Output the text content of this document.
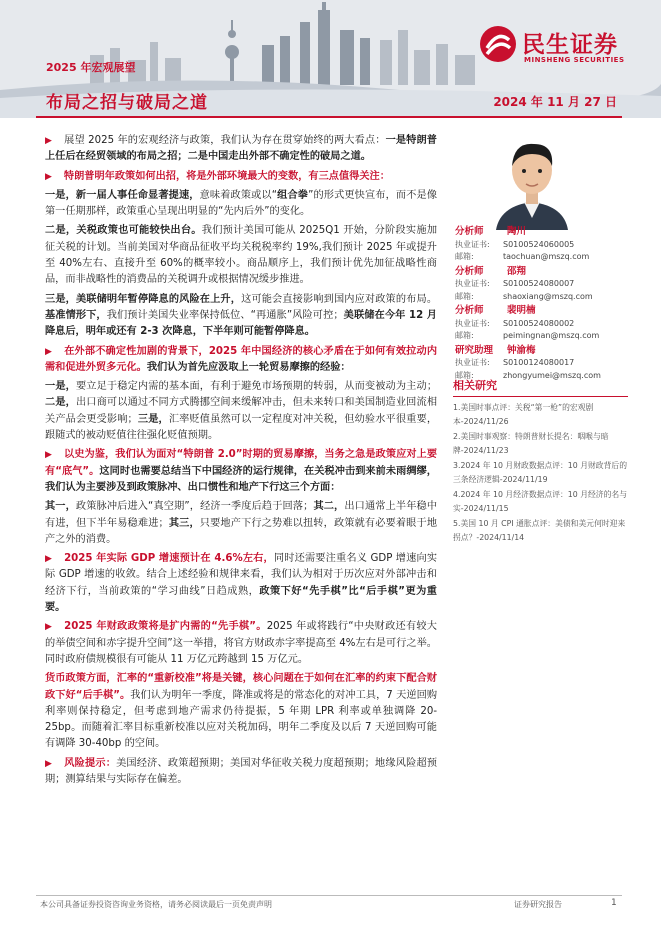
民生证券
MINSHENG SECURITIES
2025 年宏观展望
布局之招与破局之道	2024 年 11 月 27 日

▶ 展望 2025 年的宏观经济与政策，我们认为存在贯穿始终的两大看点：一是特朗普上任后在经贸领域的布局之招；二是中国走出外部不确定性的破局之道。

▶ 特朗普明年政策如何出招，将是外部环境最大的变数，有三点值得关注：

一是，新一届人事任命显著提速，意味着政策或以“组合拳”的形式更快宣布，而不是像第一任期那样，政策重心呈现出明显的“先内后外”的变化。

二是，关税政策也可能较快出台。我们预计美国可能从 2025Q1 开始，分阶段实施加征关税的计划。当前美国对华商品征收平均关税税率约 19%,我们预计 2025 年或提升至 40%左右、直接升至 60%的概率较小。商品顺序上，我们预计优先加征战略性商品，而非战略性的消费品的关税调升或根据情况缓步推进。

三是，美联储明年暂停降息的风险在上升，这可能会直接影响到国内应对政策的布局。基准情形下，我们预计美国失业率保持低位、“再通胀”风险可控；美联储在今年 12 月降息后，明年或还有 2-3 次降息，下半年则可能暂停降息。

▶ 在外部不确定性加剧的背景下，2025 年中国经济的核心矛盾在于如何有效拉动内需和促进外贸多元化。我们认为首先应汲取上一轮贸易摩擦的经验：

一是，要立足于稳定内需的基本面，有利于避免市场预期的转弱，从而变被动为主动；二是，出口商可以通过不同方式腾挪空间来缓解冲击，但未来转口和美国制造业回流相关产品会更受影响；三是，汇率贬值虽然可以一定程度对冲关税，但幼验水平很重要，跟随式的被动贬值往往强化贬值预期。

▶ 以史为鉴，我们认为面对“特朗普 2.0”时期的贸易摩擦，当务之急是政策应对上要有“底气”。这同时也需要总结当下中国经济的运行规律，在关税冲击到来前未雨绸缪，我们认为主要涉及到政策脉冲、出口惯性和地产下行这三个方面：

其一，政策脉冲后进入“真空期”，经济一季度后趋于回落；其二，出口通常上半年稳中有进，但下半年易稳难进；其三，只要地产下行之势难以扭转，政策就有必要着眼于地产之外的消费。

▶ 2025 年实际 GDP 增速预计在 4.6%左右，同时还需要注重名义 GDP 增速向实际 GDP 增速的收敛。结合上述经验和规律来看，我们认为相对于历次应对外部冲击和经济下行，当前政策的“学习曲线”日趋成熟，政策下好“先手棋”比“后手棋”更为重要。

▶ 2025 年财政政策将是扩内需的“先手棋”。2025 年或将践行“中央财政还有较大的举债空间和赤字提升空间”这一举措，将官方财政赤字率提高至 4%左右是可行之举。同时政府债规模很有可能从 11 万亿元跨越到 15 万亿元。

货币政策方面，汇率的“重新校准”将是关键，核心问题在于如何在汇率的约束下配合财政下好“后手棋”。我们认为明年一季度，降准或将是的常态化的对冲工具，7 天逆回购利率则保持稳定，但考虑到地产需求仍待提振，5 年期 LPR 利率或单独调降 20-25bp。而随着汇率目标重新校准以应对关税加码，明年二季度及以后 7 天逆回购可能有调降 30-40bp 的空间。

▶ 风险提示：美国经济、政策超预期；美国对华征收关税力度超预期；地缘风险超预期；测算结果与实际存在偏差。

分析师	陶川
执业证书:	S0100524060005
邮箱:	taochuan@mszq.com
分析师	邵翔
执业证书:	S0100524080007
邮箱:	shaoxiang@mszq.com
分析师	裴明楠
执业证书:	S0100524080002
邮箱:	peimingnan@mszq.com
研究助理	钟渝梅
执业证书:	S0100124080017
邮箱:	zhongyumei@mszq.com
相关研究
1.美国时事点评：关税“第一枪”的宏观剧本-2024/11/26
2.美国时事观察：特朗普财长提名：咽喉与暗牌-2024/11/23
3.2024 年 10 月财政数据点评：10 月财政背后的三条经济逻辑-2024/11/19
4.2024 年 10 月经济数据点评：10 月经济的名与实-2024/11/15
5.美国 10 月 CPI 通胀点评：美债和美元何时迎来拐点？-2024/11/14
本公司具备证券投资咨询业务资格，请务必阅读最后一页免责声明	证券研究报告	1
